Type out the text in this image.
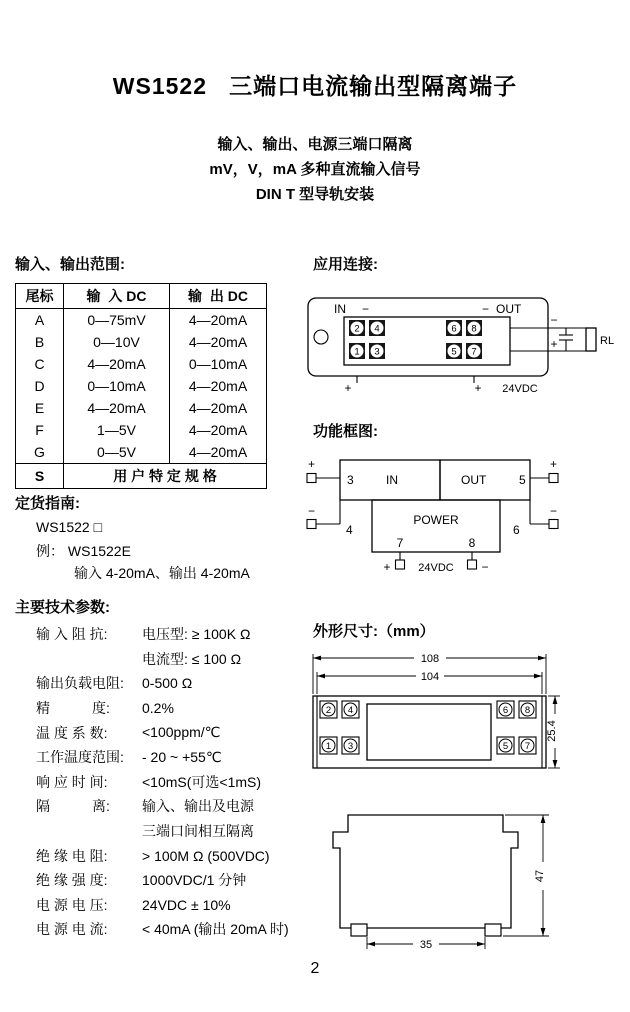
WS1522   三端口电流输出型隔离端子
输入、输出、电源三端口隔离
mV，V，mA 多种直流输入信号
DIN T 型导轨安装
输入、输出范围:
尾标	输  入 DC	输  出 DC
A	0—75mV	4—20mA
B	0—10V	4—20mA
C	4—20mA	0—10mA
D	0—10mA	4—20mA
E	4—20mA	4—20mA
F	1—5V	4—20mA
G	0—5V	4—20mA
S	用 户 特 定 规 格
定货指南:
WS1522 □
例： WS1522E
输入 4-20mA、输出 4-20mA
主要技术参数:
输 入 阻 抗:	电压型: ≥ 100K Ω
电流型: ≤ 100 Ω
输出负载电阻:	0-500 Ω
精　　　度:	0.2%
温 度 系 数:	<100ppm/℃
工作温度范围:	- 20 ~ +55℃
响 应 时 间:	<10mS(可选<1mS)
隔　　　离:	输入、输出及电源
三端口间相互隔离
绝 缘 电 阻:	> 100M Ω (500VDC)
绝 缘 强 度:	1000VDC/1 分钟
电 源 电 压:	24VDC ± 10%
电 源 电 流:	< 40mA (输出 20mA 时)
应用连接:
IN −	− OUT
2 4
1 3
6 8
5 7
+	+ 24VDC
−
+	RL
功能框图:
3	IN	OUT	5
POWER
7	8
4	6
+
−
+
−
+	24VDC −
外形尺寸:（mm）
108
104
2 4
1 3
6 8
5 7
25.4
35
47
2
